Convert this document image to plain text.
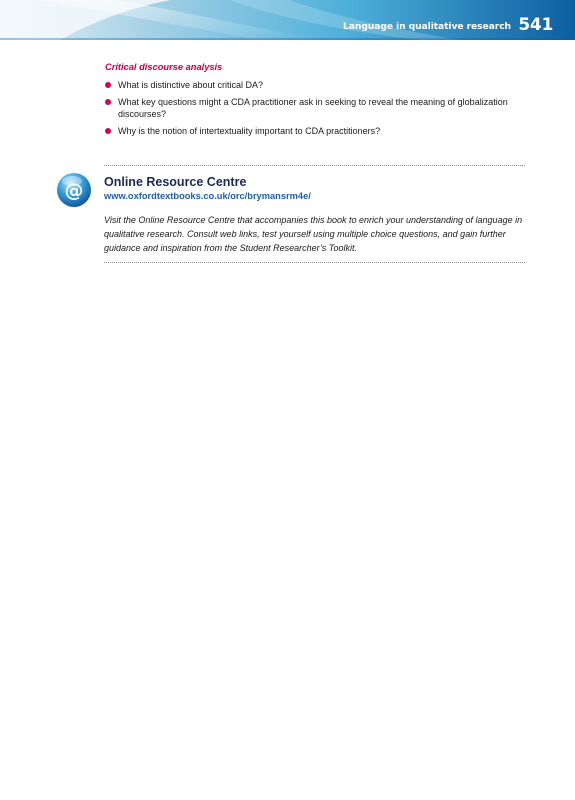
Language in qualitative research 541
Critical discourse analysis
What is distinctive about critical DA?
What key questions might a CDA practitioner ask in seeking to reveal the meaning of globalization discourses?
Why is the notion of intertextuality important to CDA practitioners?
@ Online Resource Centre
www.oxfordtextbooks.co.uk/orc/brymansrm4e/

Visit the Online Resource Centre that accompanies this book to enrich your understanding of language in qualitative research. Consult web links, test yourself using multiple choice questions, and gain further guidance and inspiration from the Student Researcher’s Toolkit.
